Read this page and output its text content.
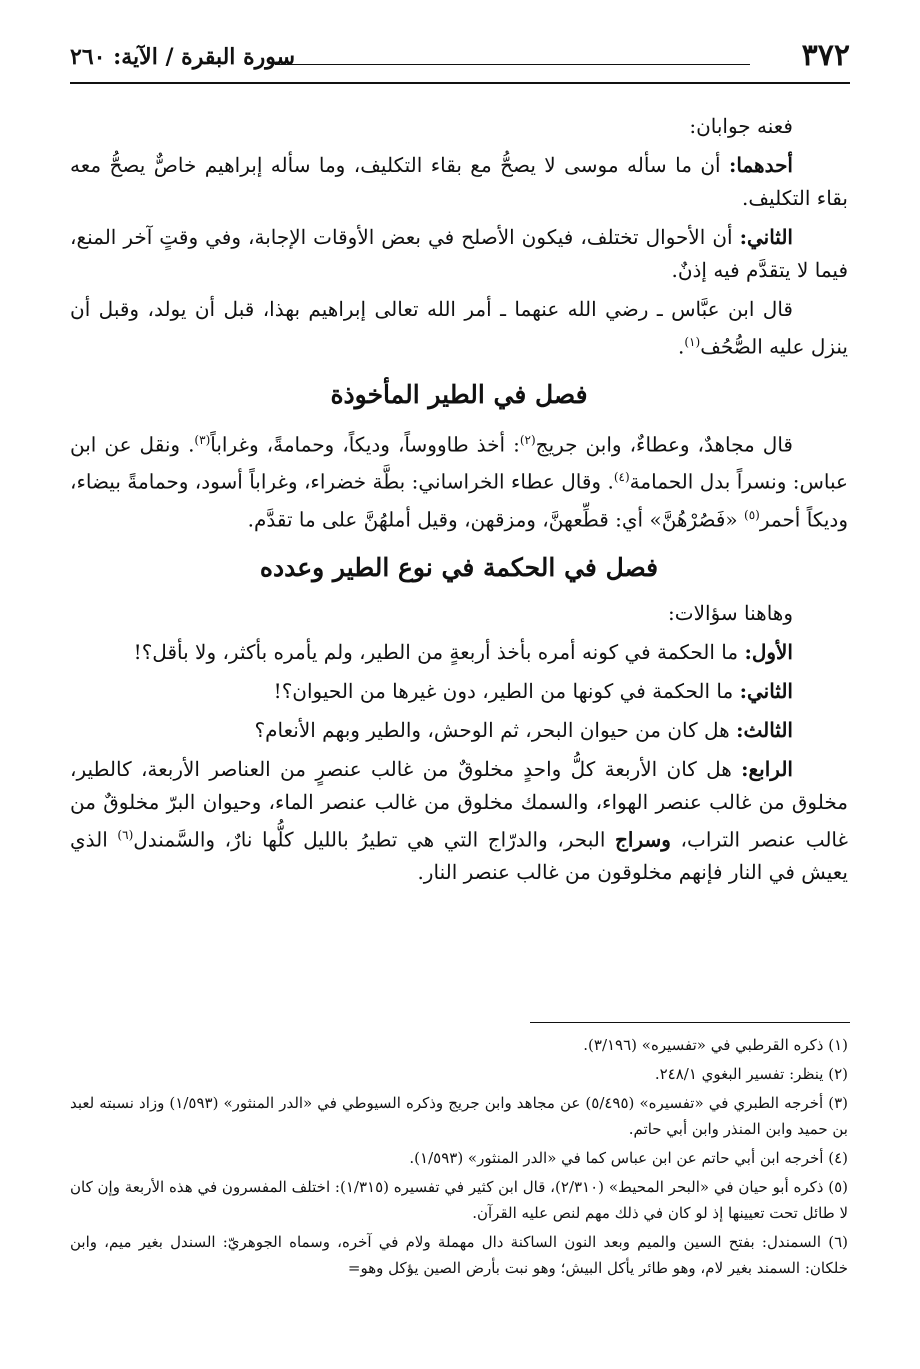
٣٧٢
سورة البقرة / الآية: ٢٦٠

فعنه جوابان:

أحدهما: أن ما سأله موسى لا يصحُّ مع بقاء التكليف، وما سأله إبراهيم خاصٌّ يصحُّ معه بقاء التكليف.

الثاني: أن الأحوال تختلف، فيكون الأصلح في بعض الأوقات الإجابة، وفي وقتٍ آخر المنع، فيما لا يتقدَّم فيه إذنٌ.

قال ابن عبَّاس ـ رضي الله عنهما ـ أمر الله تعالى إبراهيم بهذا، قبل أن يولد، وقبل أن ينزل عليه الصُّحُف$^{(١)}$.

فصل في الطير المأخوذة

قال مجاهدٌ، وعطاءٌ، وابن جريج$^{(٢)}$: أخذ طاووساً، وديكاً، وحمامةً، وغراباً$^{(٣)}$. ونقل عن ابن عباس: ونسراً بدل الحمامة$^{(٤)}$. وقال عطاء الخراساني: بطَّة خضراء، وغراباً أسود، وحمامةً بيضاء، وديكاً أحمر$^{(٥)}$ «فَصُرْهُنَّ» أي: قطِّعهنَّ، ومزقهن، وقيل أملهُنَّ على ما تقدَّم.

فصل في الحكمة في نوع الطير وعدده

وهاهنا سؤالات:

الأول: ما الحكمة في كونه أمره بأخذ أربعةٍ من الطير، ولم يأمره بأكثر، ولا بأقل؟!

الثاني: ما الحكمة في كونها من الطير، دون غيرها من الحيوان؟!

الثالث: هل كان من حيوان البحر، ثم الوحش، والطير وبهم الأنعام؟

الرابع: هل كان الأربعة كلُّ واحدٍ مخلوقٌ من غالب عنصرٍ من العناصر الأربعة، كالطير، مخلوق من غالب عنصر الهواء، والسمك مخلوق من غالب عنصر الماء، وحيوان البرّ مخلوقٌ من غالب عنصر التراب، وسراج البحر، والدرّاج التي هي تطيرُ بالليل كلُّها نارٌ، والسَّمندل$^{(٦)}$ الذي يعيش في النار فإنهم مخلوقون من غالب عنصر النار.

(١) ذكره القرطبي في «تفسيره» (٣/١٩٦).

(٢) ينظر: تفسير البغوي ٢٤٨/١.

(٣) أخرجه الطبري في «تفسيره» (٥/٤٩٥) عن مجاهد وابن جريج وذكره السيوطي في «الدر المنثور» (١/٥٩٣) وزاد نسبته لعبد بن حميد وابن المنذر وابن أبي حاتم.

(٤) أخرجه ابن أبي حاتم عن ابن عباس كما في «الدر المنثور» (١/٥٩٣).

(٥) ذكره أبو حيان في «البحر المحيط» (٢/٣١٠)، قال ابن كثير في تفسيره (١/٣١٥): اختلف المفسرون في هذه الأربعة وإن كان لا طائل تحت تعيينها إذ لو كان في ذلك مهم لنص عليه القرآن.

(٦) السمندل: بفتح السين والميم وبعد النون الساكنة دال مهملة ولام في آخره، وسماه الجوهريّ: السندل بغير ميم، وابن خلكان: السمند بغير لام، وهو طائر يأكل البيش؛ وهو نبت بأرض الصين يؤكل وهو=
